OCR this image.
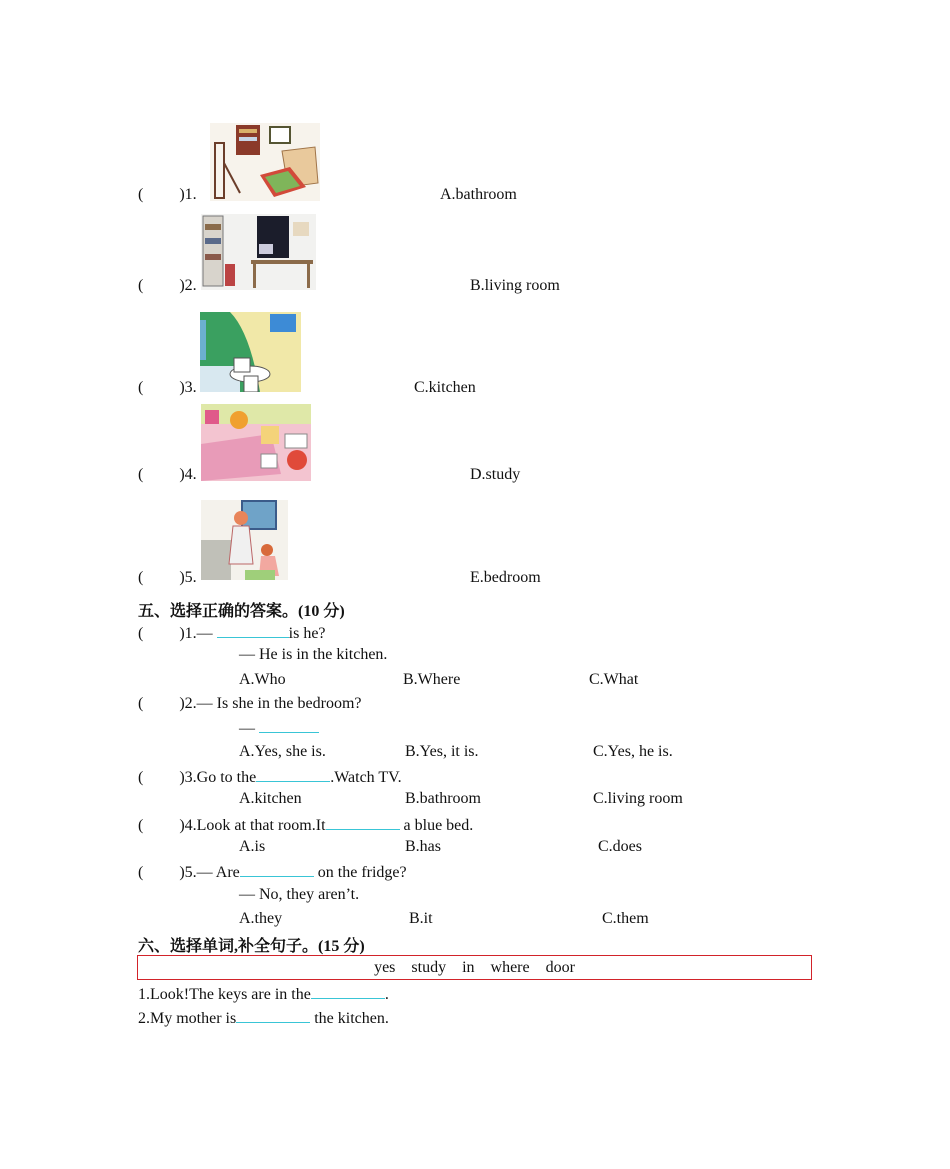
( )1.	A.bathroom
( )2.	B.living room
( )3.	C.kitchen
( )4.	D.study
( )5.	E.bedroom
五、选择正确的答案。(10 分)
( )1.—	is he?
— He is in the kitchen.
A.Who	B.Where	C.What
( )2.— Is she in the bedroom?
—
A.Yes, she is.	B.Yes, it is.	C.Yes, he is.
( )3.Go to the	.Watch TV.
A.kitchen	B.bathroom	C.living room
( )4.Look at that room.It	a blue bed.
A.is	B.has	C.does
( )5.— Are	on the fridge?
— No, they aren’t.
A.they	B.it	C.them
六、选择单词,补全句子。(15 分)
yes    study    in    where    door
1.Look!The keys are in the	.
2.My mother is	the kitchen.
